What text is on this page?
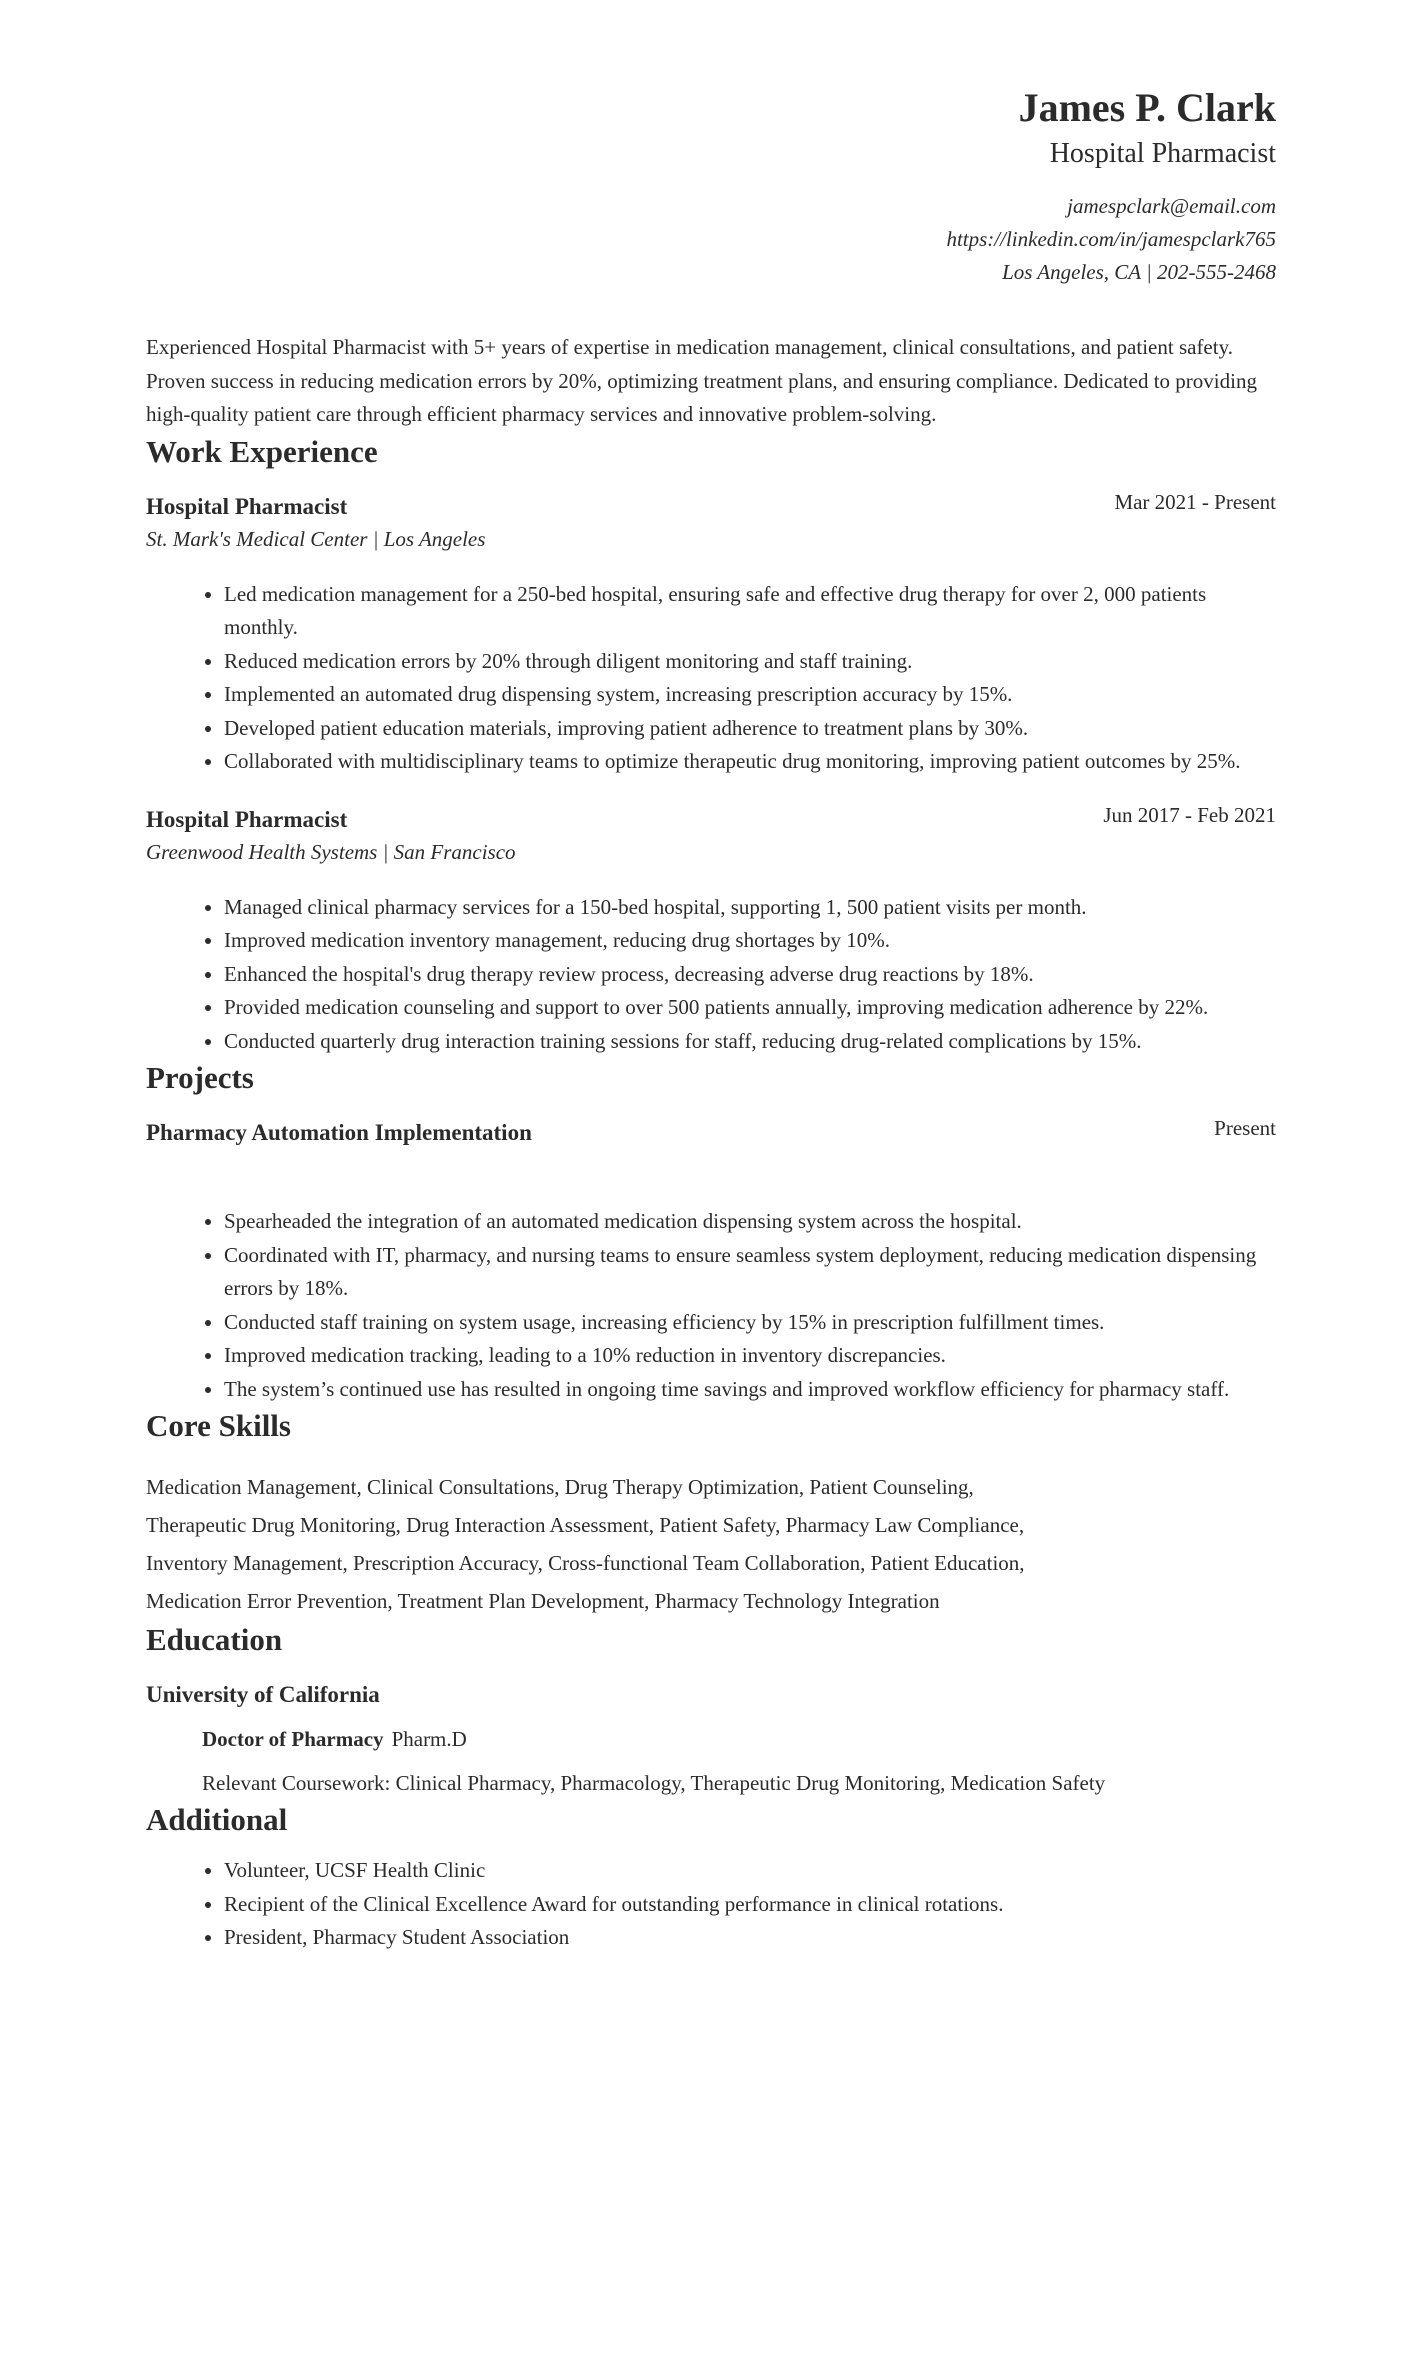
James P. Clark
Hospital Pharmacist
jamespclark@email.com
https://linkedin.com/in/jamespclark765
Los Angeles, CA | 202-555-2468
Experienced Hospital Pharmacist with 5+ years of expertise in medication management, clinical consultations, and patient safety. Proven success in reducing medication errors by 20%, optimizing treatment plans, and ensuring compliance. Dedicated to providing high-quality patient care through efficient pharmacy services and innovative problem-solving.
Work Experience
Hospital Pharmacist	Mar 2021 - Present
St. Mark's Medical Center | Los Angeles
• Led medication management for a 250-bed hospital, ensuring safe and effective drug therapy for over 2, 000 patients monthly.
• Reduced medication errors by 20% through diligent monitoring and staff training.
• Implemented an automated drug dispensing system, increasing prescription accuracy by 15%.
• Developed patient education materials, improving patient adherence to treatment plans by 30%.
• Collaborated with multidisciplinary teams to optimize therapeutic drug monitoring, improving patient outcomes by 25%.
Hospital Pharmacist	Jun 2017 - Feb 2021
Greenwood Health Systems | San Francisco
• Managed clinical pharmacy services for a 150-bed hospital, supporting 1, 500 patient visits per month.
• Improved medication inventory management, reducing drug shortages by 10%.
• Enhanced the hospital's drug therapy review process, decreasing adverse drug reactions by 18%.
• Provided medication counseling and support to over 500 patients annually, improving medication adherence by 22%.
• Conducted quarterly drug interaction training sessions for staff, reducing drug-related complications by 15%.
Projects
Pharmacy Automation Implementation	Present
• Spearheaded the integration of an automated medication dispensing system across the hospital.
• Coordinated with IT, pharmacy, and nursing teams to ensure seamless system deployment, reducing medication dispensing errors by 18%.
• Conducted staff training on system usage, increasing efficiency by 15% in prescription fulfillment times.
• Improved medication tracking, leading to a 10% reduction in inventory discrepancies.
• The system’s continued use has resulted in ongoing time savings and improved workflow efficiency for pharmacy staff.
Core Skills
Medication Management, Clinical Consultations, Drug Therapy Optimization, Patient Counseling,
Therapeutic Drug Monitoring, Drug Interaction Assessment, Patient Safety, Pharmacy Law Compliance,
Inventory Management, Prescription Accuracy, Cross-functional Team Collaboration, Patient Education,
Medication Error Prevention, Treatment Plan Development, Pharmacy Technology Integration
Education
University of California
Doctor of Pharmacy Pharm.D
Relevant Coursework: Clinical Pharmacy, Pharmacology, Therapeutic Drug Monitoring, Medication Safety
Additional
• Volunteer, UCSF Health Clinic
• Recipient of the Clinical Excellence Award for outstanding performance in clinical rotations.
• President, Pharmacy Student Association
